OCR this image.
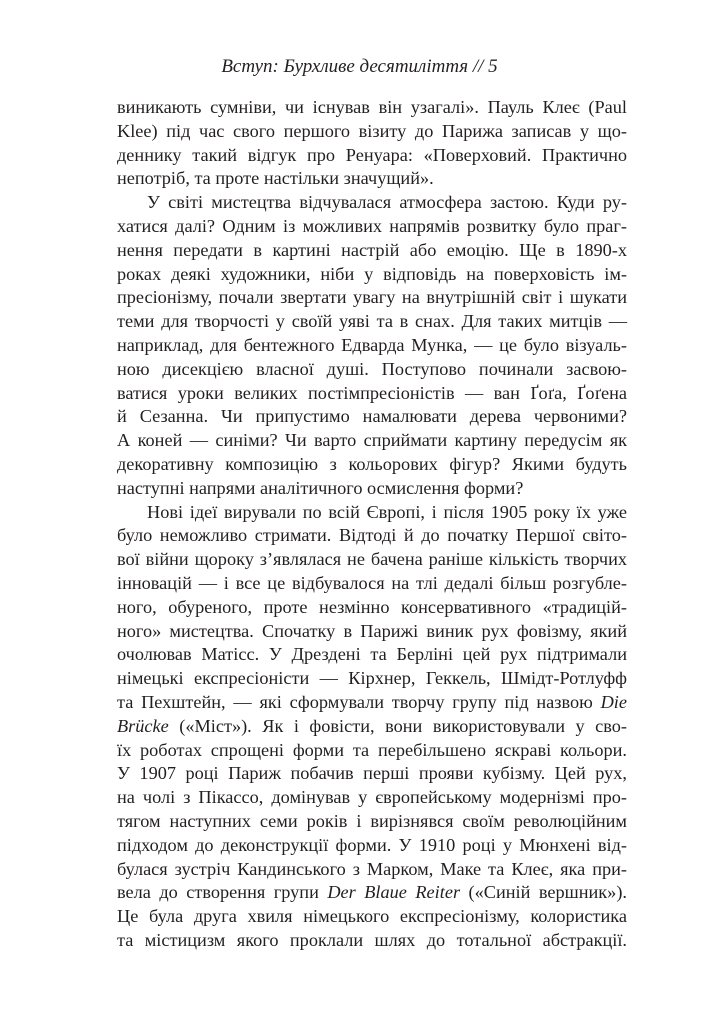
Вступ: Бурхливе десятиліття // 5
виникають сумніви, чи існував він узагалі». Пауль Клеє (Paul
Klee) під час свого першого візиту до Парижа записав у що-
деннику такий відгук про Ренуара: «Поверховий. Практично
непотріб, та проте настільки значущий».
У світі мистецтва відчувалася атмосфера застою. Куди ру-
хатися далі? Одним із можливих напрямів розвитку було праг-
нення передати в картині настрій або емоцію. Ще в 1890-х
роках деякі художники, ніби у відповідь на поверховість ім-
пресіонізму, почали звертати увагу на внутрішній світ і шукати
теми для творчості у своїй уяві та в снах. Для таких митців —
наприклад, для бентежного Едварда Мунка, — це було візуаль-
ною дисекцією власної душі. Поступово починали засвою-
ватися уроки великих постімпресіоністів — ван Ґоґа, Ґоґена
й Сезанна. Чи припустимо намалювати дерева червоними?
А коней — синіми? Чи варто сприймати картину передусім як
декоративну композицію з кольорових фігур? Якими будуть
наступні напрями аналітичного осмислення форми?
Нові ідеї вирували по всій Європі, і після 1905 року їх уже
було неможливо стримати. Відтоді й до початку Першої світо-
вої війни щороку з’являлася не бачена раніше кількість творчих
інновацій — і все це відбувалося на тлі дедалі більш розгубле-
ного, обуреного, проте незмінно консервативного «традицій-
ного» мистецтва. Спочатку в Парижі виник рух фовізму, який
очолював Матісс. У Дрездені та Берліні цей рух підтримали
німецькі експресіоністи — Кірхнер, Геккель, Шмідт-Ротлуфф
та Пехштейн, — які сформували творчу групу під назвою Die
Brücke («Міст»). Як і фовісти, вони використовували у сво-
їх роботах спрощені форми та перебільшено яскраві кольори.
У 1907 році Париж побачив перші прояви кубізму. Цей рух,
на чолі з Пікассо, домінував у європейському модернізмі про-
тягом наступних семи років і вирізнявся своїм революційним
підходом до деконструкції форми. У 1910 році у Мюнхені від-
булася зустріч Кандинського з Марком, Маке та Клеє, яка при-
вела до створення групи Der Blaue Reiter («Синій вершник»).
Це була друга хвиля німецького експресіонізму, колористика
та містицизм якого проклали шлях до тотальної абстракції.
